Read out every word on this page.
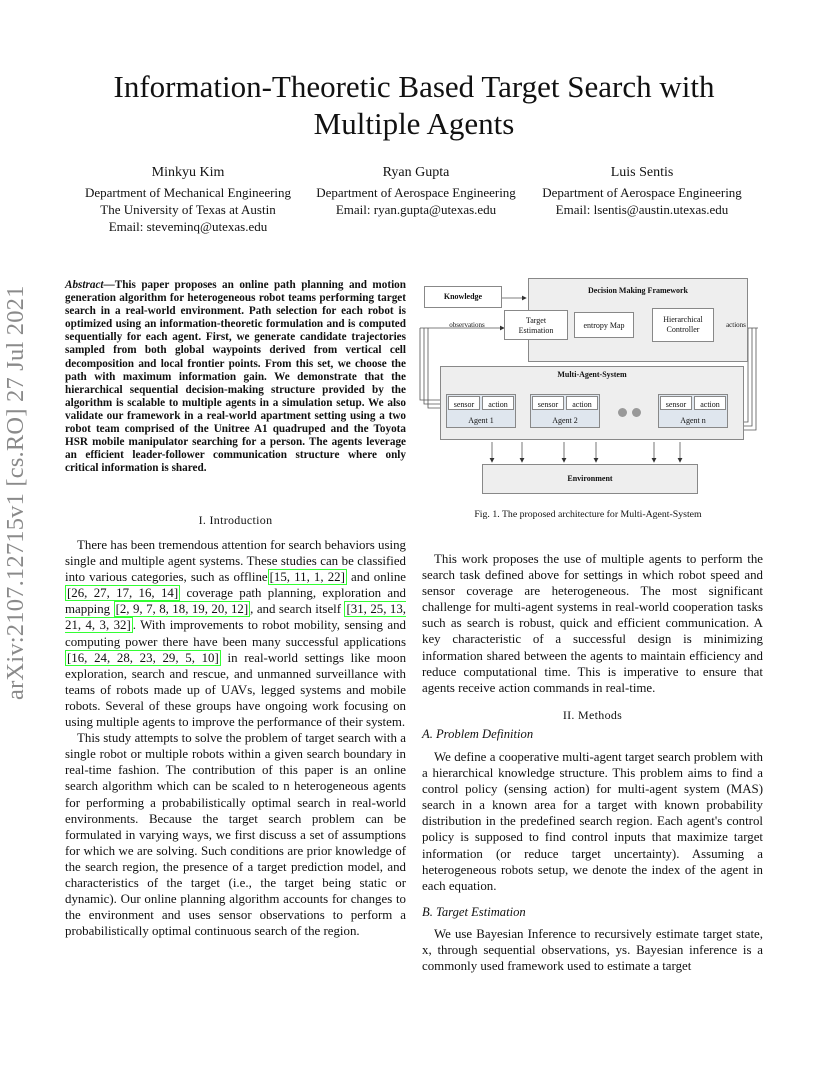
arXiv:2107.12715v1 [cs.RO] 27 Jul 2021
Information-Theoretic Based Target Search with
Multiple Agents
Minkyu Kim
Department of Mechanical Engineering
The University of Texas at Austin
Email: steveminq@utexas.edu
Ryan Gupta
Department of Aerospace Engineering
Email: ryan.gupta@utexas.edu
Luis Sentis
Department of Aerospace Engineering
Email: lsentis@austin.utexas.edu
Abstract—This paper proposes an online path planning and motion generation algorithm for heterogeneous robot teams performing target search in a real-world environment. Path selection for each robot is optimized using an information-theoretic formulation and is computed sequentially for each agent. First, we generate candidate trajectories sampled from both global waypoints derived from vertical cell decomposition and local frontier points. From this set, we choose the path with maximum information gain. We demonstrate that the hierarchical sequential decision-making structure provided by the algorithm is scalable to multiple agents in a simulation setup. We also validate our framework in a real-world apartment setting using a two robot team comprised of the Unitree A1 quadruped and the Toyota HSR mobile manipulator searching for a person. The agents leverage an efficient leader-follower communication structure where only critical information is shared.
I. Introduction

There has been tremendous attention for search behaviors using single and multiple agent systems. These studies can be classified into various categories, such as offline [15, 11, 1, 22] and online [26, 27, 17, 16, 14] coverage path planning, exploration and mapping [2, 9, 7, 8, 18, 19, 20, 12] , and search itself [31, 25, 13, 21, 4, 3, 32] . With improvements to robot mobility, sensing and computing power there have been many successful applications [16, 24, 28, 23, 29, 5, 10] in real-world settings like moon exploration, search and rescue, and unmanned surveillance with teams of robots made up of UAVs, legged systems and mobile robots. Several of these groups have ongoing work focusing on using multiple agents to improve the performance of their system.

This study attempts to solve the problem of target search with a single robot or multiple robots within a given search boundary in real-time fashion. The contribution of this paper is an online search algorithm which can be scaled to n heterogeneous agents for performing a probabilistically optimal search in real-world environments. Because the target search problem can be formulated in varying ways, we first discuss a set of assumptions for which we are solving. Such conditions are prior knowledge of the search region, the presence of a target prediction model, and characteristics of the target (i.e., the target being static or dynamic). Our online planning algorithm accounts for changes to the environment and uses sensor observations to perform a probabilistically optimal continuous search of the region.

Knowledge
Decision Making Framework
observations	Target
Estimation
entropy Map
Hierarchical
Controller	actions
Multi-Agent-System
sensor	action
Agent 1
sensor	action
Agent 2
sensor	action
Agent n
Environment
Fig. 1. The proposed architecture for Multi-Agent-System

This work proposes the use of multiple agents to perform the search task defined above for settings in which robot speed and sensor coverage are heterogeneous. The most significant challenge for multi-agent systems in real-world cooperation tasks such as search is robust, quick and efficient communication. A key characteristic of a successful design is minimizing information shared between the agents to maintain efficiency and reduce computational time. This is imperative to ensure that agents receive action commands in real-time.

II. Methods
A. Problem Definition

We define a cooperative multi-agent target search problem with a hierarchical knowledge structure. This problem aims to find a control policy (sensing action) for multi-agent system (MAS) search in a known area for a target with known probability distribution in the predefined search region. Each agent's control policy is supposed to find control inputs that maximize target information (or reduce target uncertainty). Assuming a heterogeneous robots setup, we denote the index of the agent in each equation.

B. Target Estimation

We use Bayesian Inference to recursively estimate target state, x, through sequential observations, ys. Bayesian inference is a commonly used framework used to estimate a target
